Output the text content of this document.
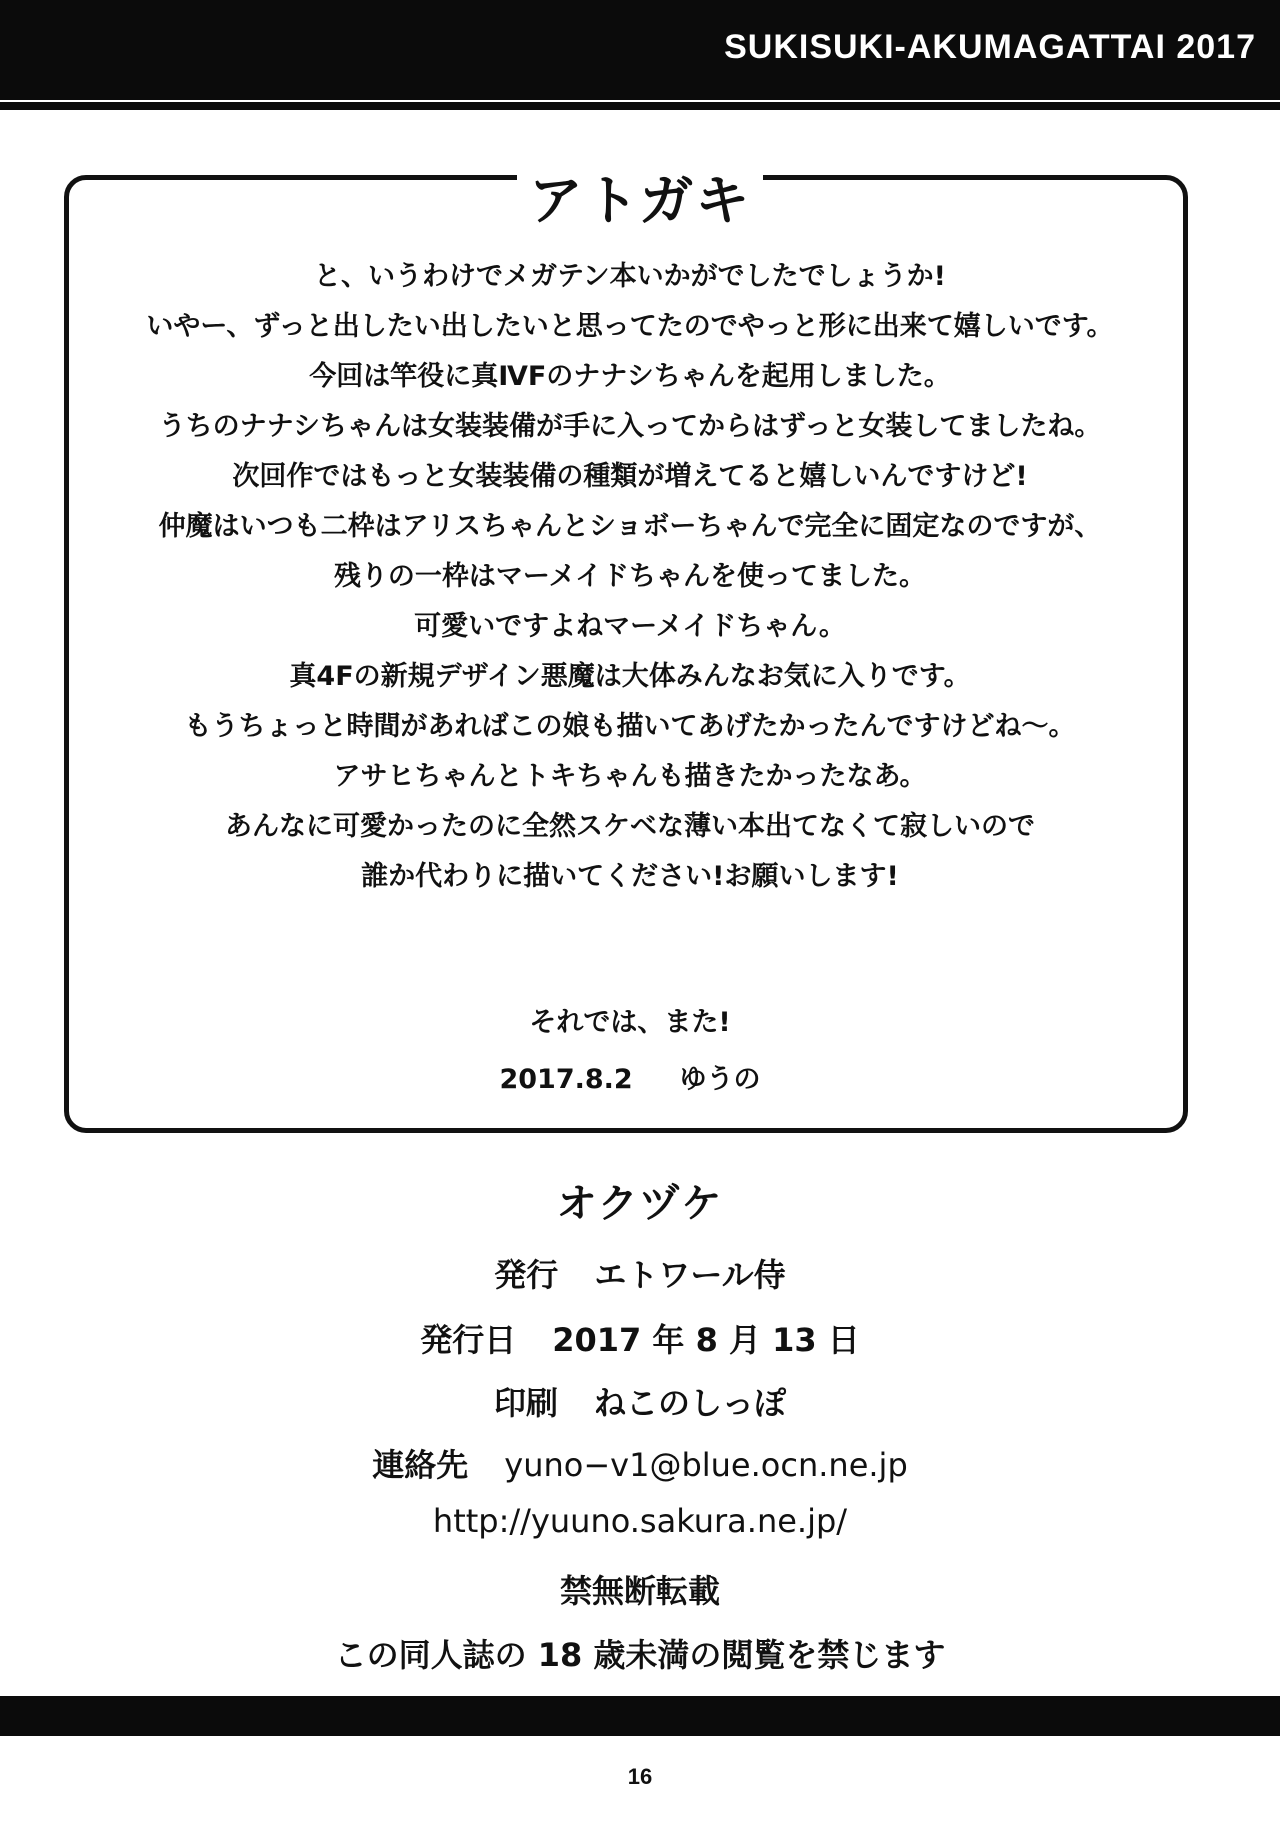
SUKISUKI-AKUMAGATTAI 2017
アトガキ
と、いうわけでメガテン本いかがでしたでしょうか!
いやー、ずっと出したい出したいと思ってたのでやっと形に出来て嬉しいです。
今回は竿役に真ⅣFのナナシちゃんを起用しました。
うちのナナシちゃんは女装装備が手に入ってからはずっと女装してましたね。
次回作ではもっと女装装備の種類が増えてると嬉しいんですけど!
仲魔はいつも二枠はアリスちゃんとショボーちゃんで完全に固定なのですが、
残りの一枠はマーメイドちゃんを使ってました。
可愛いですよねマーメイドちゃん。
真4Fの新規デザイン悪魔は大体みんなお気に入りです。
もうちょっと時間があればこの娘も描いてあげたかったんですけどね～。
アサヒちゃんとトキちゃんも描きたかったなあ。
あんなに可愛かったのに全然スケベな薄い本出てなくて寂しいので
誰か代わりに描いてください!お願いします!
それでは、また!
2017.8.2 ゆうの
オクヅケ
発行 エトワール侍
発行日 2017 年 8 月 13 日
印刷 ねこのしっぽ
連絡先 yuno−v1@blue.ocn.ne.jp
http://yuuno.sakura.ne.jp/
禁無断転載
この同人誌の 18 歳未満の閲覧を禁じます
16
